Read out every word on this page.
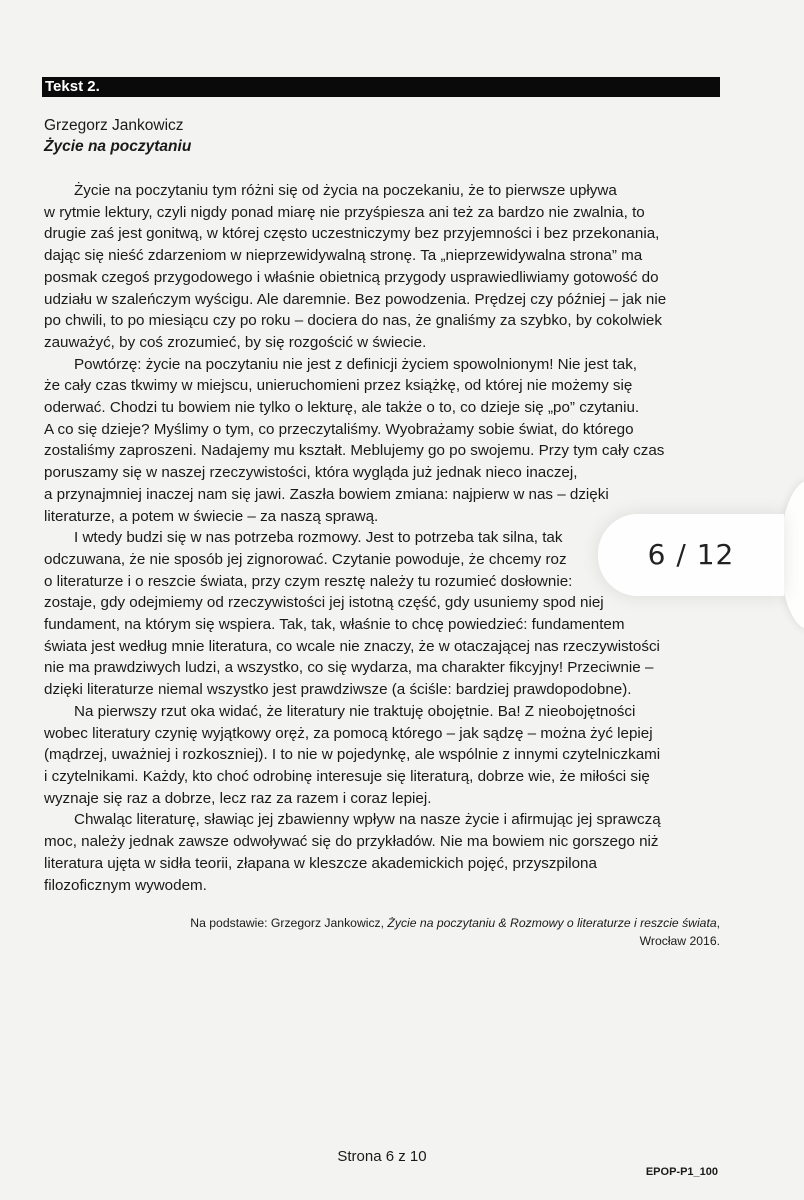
Tekst 2.
Grzegorz Jankowicz
Życie na poczytaniu

Życie na poczytaniu tym różni się od życia na poczekaniu, że to pierwsze upływa
w rytmie lektury, czyli nigdy ponad miarę nie przyśpiesza ani też za bardzo nie zwalnia, to
drugie zaś jest gonitwą, w której często uczestniczymy bez przyjemności i bez przekonania,
dając się nieść zdarzeniom w nieprzewidywalną stronę. Ta „nieprzewidywalna strona” ma
posmak czegoś przygodowego i właśnie obietnicą przygody usprawiedliwiamy gotowość do
udziału w szaleńczym wyścigu. Ale daremnie. Bez powodzenia. Prędzej czy później – jak nie
po chwili, to po miesiącu czy po roku – dociera do nas, że gnaliśmy za szybko, by cokolwiek
zauważyć, by coś zrozumieć, by się rozgościć w świecie.

Powtórzę: życie na poczytaniu nie jest z definicji życiem spowolnionym! Nie jest tak,
że cały czas tkwimy w miejscu, unieruchomieni przez książkę, od której nie możemy się
oderwać. Chodzi tu bowiem nie tylko o lekturę, ale także o to, co dzieje się „po” czytaniu.
A co się dzieje? Myślimy o tym, co przeczytaliśmy. Wyobrażamy sobie świat, do którego
zostaliśmy zaproszeni. Nadajemy mu kształt. Meblujemy go po swojemu. Przy tym cały czas
poruszamy się w naszej rzeczywistości, która wygląda już jednak nieco inaczej,
a przynajmniej inaczej nam się jawi. Zaszła bowiem zmiana: najpierw w nas – dzięki
literaturze, a potem w świecie – za naszą sprawą.

I wtedy budzi się w nas potrzeba rozmowy. Jest to potrzeba tak silna, tak
odczuwana, że nie sposób jej zignorować. Czytanie powoduje, że chcemy roz
o literaturze i o reszcie świata, przy czym resztę należy tu rozumieć dosłownie:
zostaje, gdy odejmiemy od rzeczywistości jej istotną część, gdy usuniemy spod niej
fundament, na którym się wspiera. Tak, tak, właśnie to chcę powiedzieć: fundamentem
świata jest według mnie literatura, co wcale nie znaczy, że w otaczającej nas rzeczywistości
nie ma prawdziwych ludzi, a wszystko, co się wydarza, ma charakter fikcyjny! Przeciwnie –
dzięki literaturze niemal wszystko jest prawdziwsze (a ściśle: bardziej prawdopodobne).

Na pierwszy rzut oka widać, że literatury nie traktuję obojętnie. Ba! Z nieobojętności
wobec literatury czynię wyjątkowy oręż, za pomocą którego – jak sądzę – można żyć lepiej
(mądrzej, uważniej i rozkoszniej). I to nie w pojedynkę, ale wspólnie z innymi czytelniczkami
i czytelnikami. Każdy, kto choć odrobinę interesuje się literaturą, dobrze wie, że miłości się
wyznaje się raz a dobrze, lecz raz za razem i coraz lepiej.

Chwaląc literaturę, sławiąc jej zbawienny wpływ na nasze życie i afirmując jej sprawczą
moc, należy jednak zawsze odwoływać się do przykładów. Nie ma bowiem nic gorszego niż
literatura ujęta w sidła teorii, złapana w kleszcze akademickich pojęć, przyszpilona
filozoficznym wywodem.

Na podstawie: Grzegorz Jankowicz, Życie na poczytaniu & Rozmowy o literaturze i reszcie świata,
Wrocław 2016.
Strona 6 z 10
EPOP-P1_100
6 / 12
